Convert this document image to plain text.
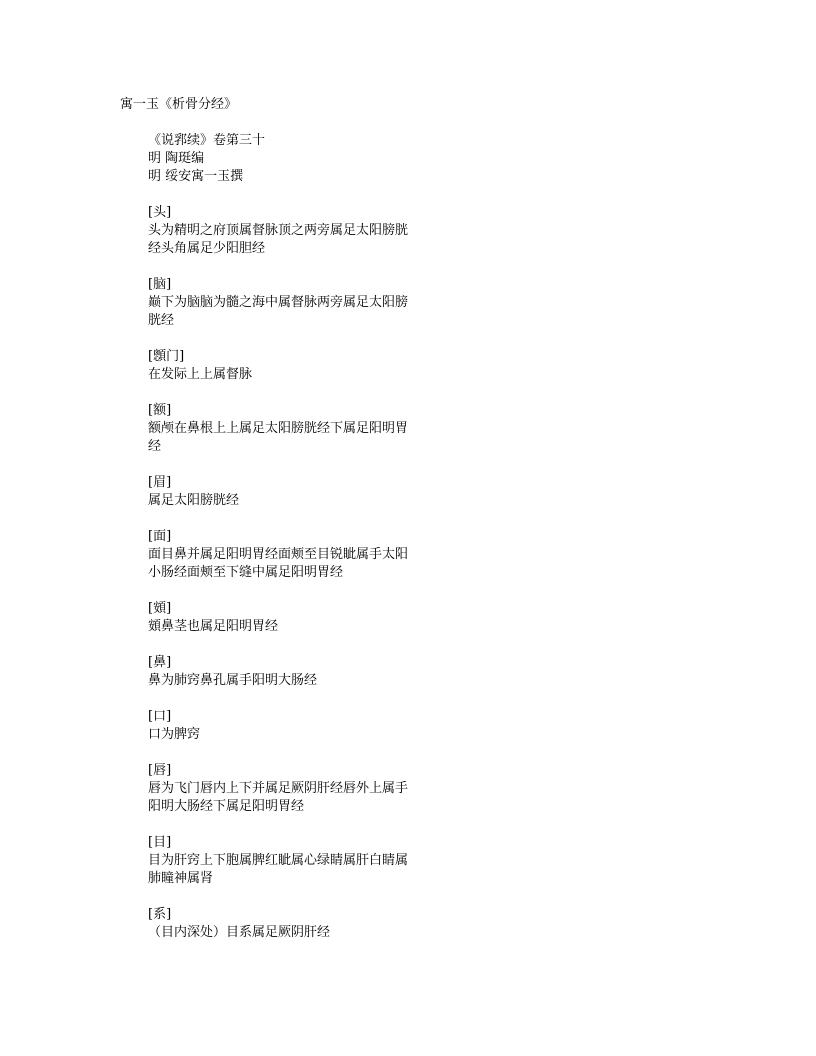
寓一玉《析骨分经》
《说郛续》卷第三十
明 陶珽编
明 绥安寓一玉撰
[头]
头为精明之府顶属督脉顶之两旁属足太阳膀胱
经头角属足少阳胆经
[脑]
巅下为脑脑为髓之海中属督脉两旁属足太阳膀
胱经
[顖门]
在发际上上属督脉
[额]
额颅在鼻根上上属足太阳膀胱经下属足阳明胃
经
[眉]
属足太阳膀胱经
[面]
面目鼻并属足阳明胃经面颊至目锐眦属手太阳
小肠经面颊至下缝中属足阳明胃经
[頞]
頞鼻茎也属足阳明胃经
[鼻]
鼻为肺窍鼻孔属手阳明大肠经
[口]
口为脾窍
[唇]
唇为飞门唇内上下并属足厥阴肝经唇外上属手
阳明大肠经下属足阳明胃经
[目]
目为肝窍上下胞属脾红眦属心绿睛属肝白睛属
肺瞳神属肾
[系]
（目内深处）目系属足厥阴肝经
